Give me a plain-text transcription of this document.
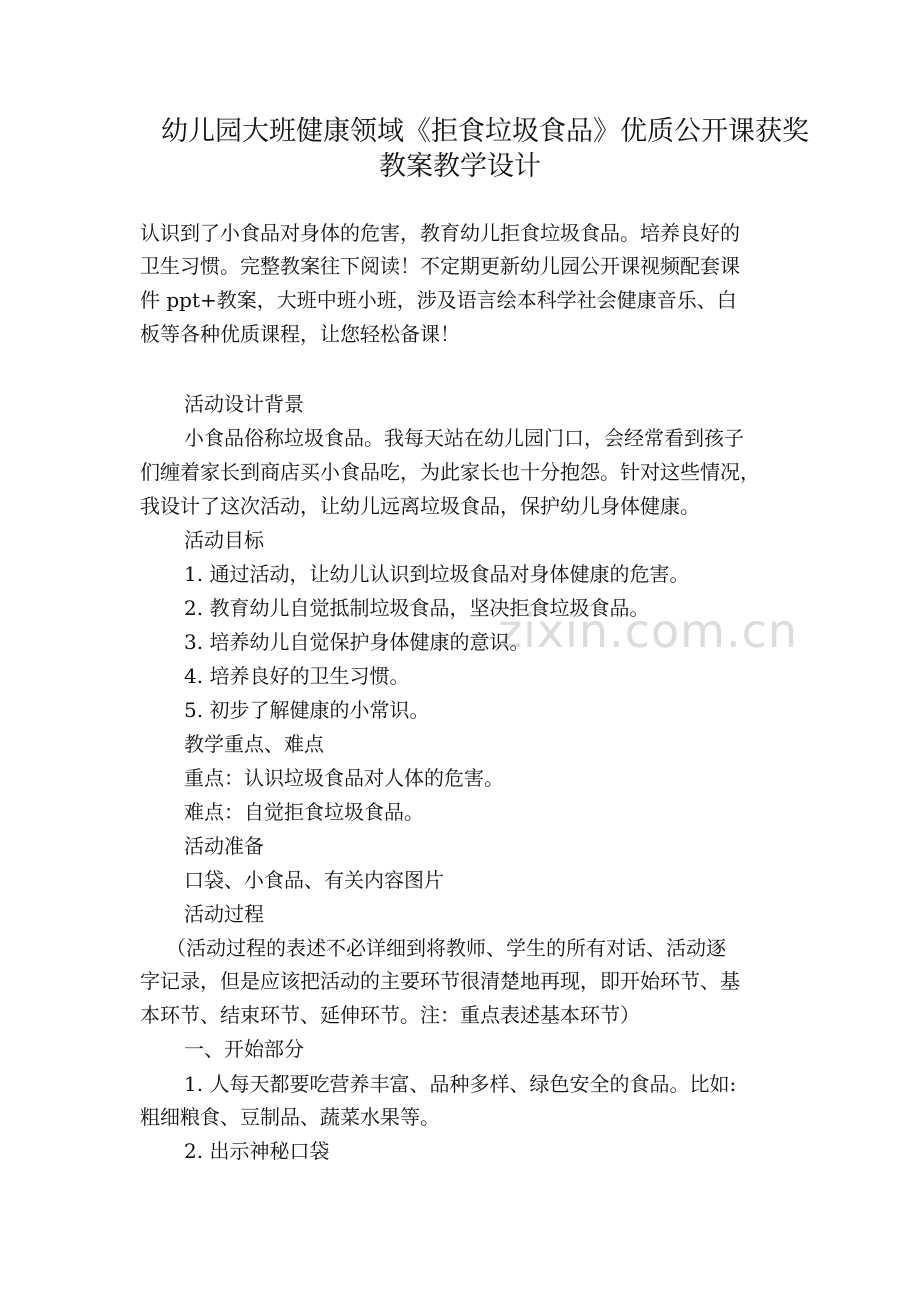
幼儿园大班健康领域《拒食垃圾食品》优质公开课获奖
教案教学设计
zixin.com.cn
认识到了小食品对身体的危害，教育幼儿拒食垃圾食品。培养良好的
卫生习惯。完整教案往下阅读！不定期更新幼儿园公开课视频配套课
件 ppt+教案，大班中班小班，涉及语言绘本科学社会健康音乐、白
板等各种优质课程，让您轻松备课！
活动设计背景
小食品俗称垃圾食品。我每天站在幼儿园门口，会经常看到孩子
们缠着家长到商店买小食品吃，为此家长也十分抱怨。针对这些情况，
我设计了这次活动，让幼儿远离垃圾食品，保护幼儿身体健康。
活动目标
1. 通过活动，让幼儿认识到垃圾食品对身体健康的危害。
2. 教育幼儿自觉抵制垃圾食品，坚决拒食垃圾食品。
3. 培养幼儿自觉保护身体健康的意识。
4. 培养良好的卫生习惯。
5. 初步了解健康的小常识。
教学重点、难点
重点：认识垃圾食品对人体的危害。
难点：自觉拒食垃圾食品。
活动准备
口袋、小食品、有关内容图片
活动过程
（活动过程的表述不必详细到将教师、学生的所有对话、活动逐
字记录，但是应该把活动的主要环节很清楚地再现，即开始环节、基
本环节、结束环节、延伸环节。注：重点表述基本环节）
一、开始部分
1. 人每天都要吃营养丰富、品种多样、绿色安全的食品。比如:
粗细粮食、豆制品、蔬菜水果等。
2. 出示神秘口袋
